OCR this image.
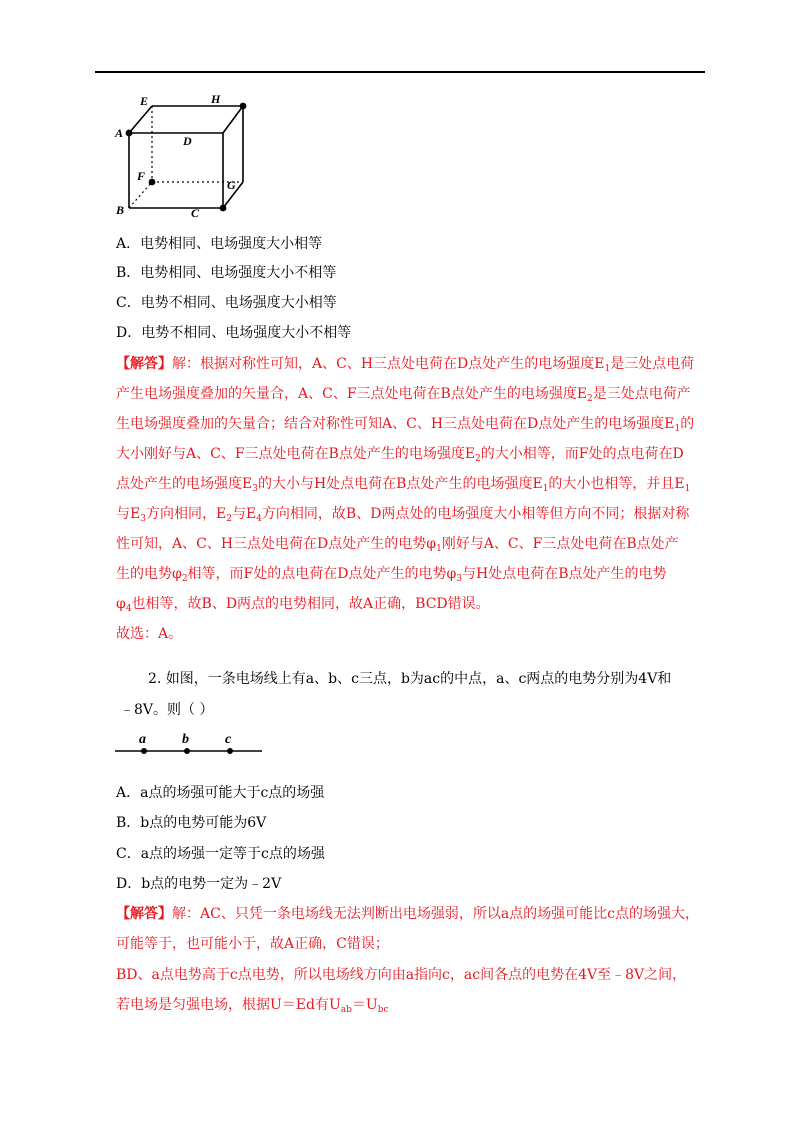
E	H
A
D
F
G
B	C
A．电势相同、电场强度大小相等
B．电势相同、电场强度大小不相等
C．电势不相同、电场强度大小相等
D．电势不相同、电场强度大小不相等
【解答】解：根据对称性可知，A、C、H三点处电荷在D点处产生的电场强度$E_1$是三处点电荷
产生电场强度叠加的矢量合，A、C、F三点处电荷在B点处产生的电场强度$E_2$是三处点电荷产
生电场强度叠加的矢量合；结合对称性可知A、C、H三点处电荷在D点处产生的电场强度$E_1$的
大小刚好与A、C、F三点处电荷在B点处产生的电场强度$E_2$的大小相等，而F处的点电荷在D
点处产生的电场强度$E_3$的大小与H处点电荷在B点处产生的电场强度$E_1$的大小也相等，并且$E_1$
与$E_3$方向相同，$E_2$与$E_4$方向相同，故B、D两点处的电场强度大小相等但方向不同；根据对称
性可知，A、C、H三点处电荷在D点处产生的电势$\varphi_1$刚好与A、C、F三点处电荷在B点处产
生的电势$\varphi_2$相等，而F处的点电荷在D点处产生的电势$\varphi_3$与H处点电荷在B点处产生的电势
$\varphi_4$也相等，故B、D两点的电势相同，故A正确，BCD错误。
故选：A。
2. 如图，一条电场线上有a、b、c三点，b为ac的中点，a、c两点的电势分别为4V和
﹣8V。则（ ）
a	b	c
A．a点的场强可能大于c点的场强
B．b点的电势可能为6V
C．a点的场强一定等于c点的场强
D．b点的电势一定为﹣2V
【解答】解：AC、只凭一条电场线无法判断出电场强弱，所以a点的场强可能比c点的场强大，
可能等于，也可能小于，故A正确，C错误；
BD、a点电势高于c点电势，所以电场线方向由a指向c，ac间各点的电势在4V至﹣8V之间，
若电场是匀强电场，根据U＝Ed有$U_{ab}=U_{bc}$
